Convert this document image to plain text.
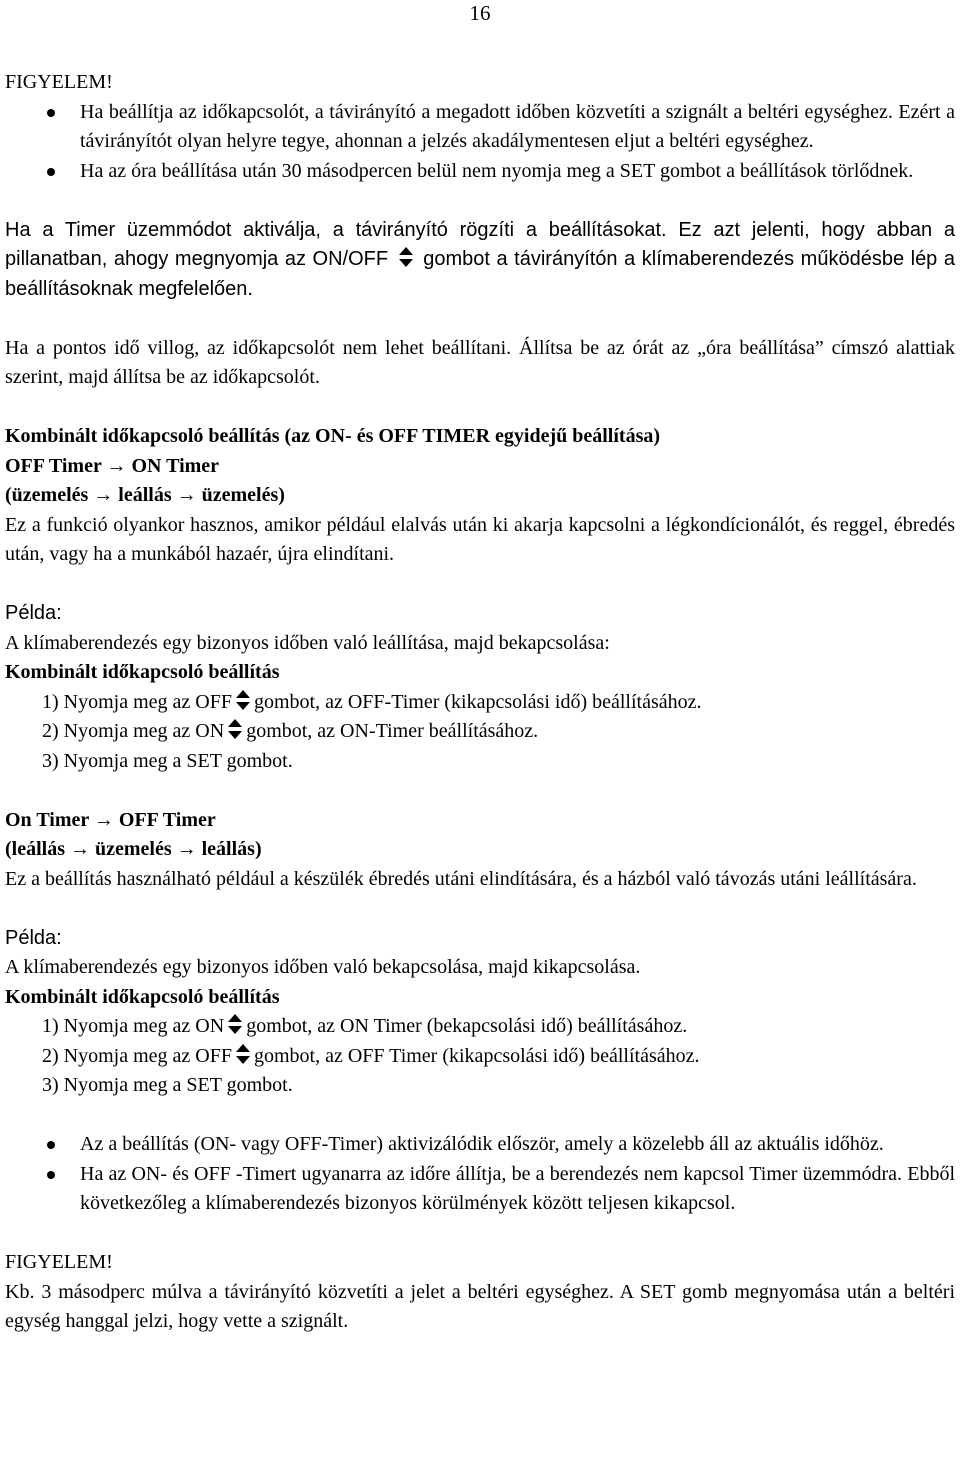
16
FIGYELEM!
Ha beállítja az időkapcsolót, a távirányító a megadott időben közvetíti a szignált a beltéri egységhez. Ezért a távirányítót olyan helyre tegye, ahonnan a jelzés akadálymentesen eljut a beltéri egységhez.
Ha az óra beállítása után 30 másodpercen belül nem nyomja meg a SET gombot a beállítások törlődnek.
Ha a Timer üzemmódot aktiválja, a távirányító rögzíti a beállításokat. Ez azt jelenti, hogy abban a pillanatban, ahogy megnyomja az ON/OFF gombot a távirányítón a klímaberendezés működésbe lép a beállításoknak megfelelően.
Ha a pontos idő villog, az időkapcsolót nem lehet beállítani. Állítsa be az órát az „óra beállítása” címszó alattiak szerint, majd állítsa be az időkapcsolót.
Kombinált időkapcsoló beállítás (az ON- és OFF TIMER egyidejű beállítása)
OFF Timer → ON Timer
(üzemelés → leállás → üzemelés)
Ez a funkció olyankor hasznos, amikor például elalvás után ki akarja kapcsolni a légkondícionálót, és reggel, ébredés után, vagy ha a munkából hazaér, újra elindítani.
Példa:
A klímaberendezés egy bizonyos időben való leállítása, majd bekapcsolása:
Kombinált időkapcsoló beállítás
1) Nyomja meg az OFF gombot, az OFF-Timer (kikapcsolási idő) beállításához.
2) Nyomja meg az ON gombot, az ON-Timer beállításához.
3) Nyomja meg a SET gombot.
On Timer → OFF Timer
(leállás → üzemelés → leállás)
Ez a beállítás használható például a készülék ébredés utáni elindítására, és a házból való távozás utáni leállítására.
Példa:
A klímaberendezés egy bizonyos időben való bekapcsolása, majd kikapcsolása.
Kombinált időkapcsoló beállítás
1) Nyomja meg az ON gombot, az ON Timer (bekapcsolási idő) beállításához.
2) Nyomja meg az OFF gombot, az OFF Timer (kikapcsolási idő) beállításához.
3) Nyomja meg a SET gombot.
Az a beállítás (ON- vagy OFF-Timer) aktivizálódik először, amely a közelebb áll az aktuális időhöz.
Ha az ON- és OFF -Timert ugyanarra az időre állítja, be a berendezés nem kapcsol Timer üzemmódra. Ebből következőleg a klímaberendezés bizonyos körülmények között teljesen kikapcsol.
FIGYELEM!
Kb. 3 másodperc múlva a távirányító közvetíti a jelet a beltéri egységhez. A SET gomb megnyomása után a beltéri egység hanggal jelzi, hogy vette a szignált.
